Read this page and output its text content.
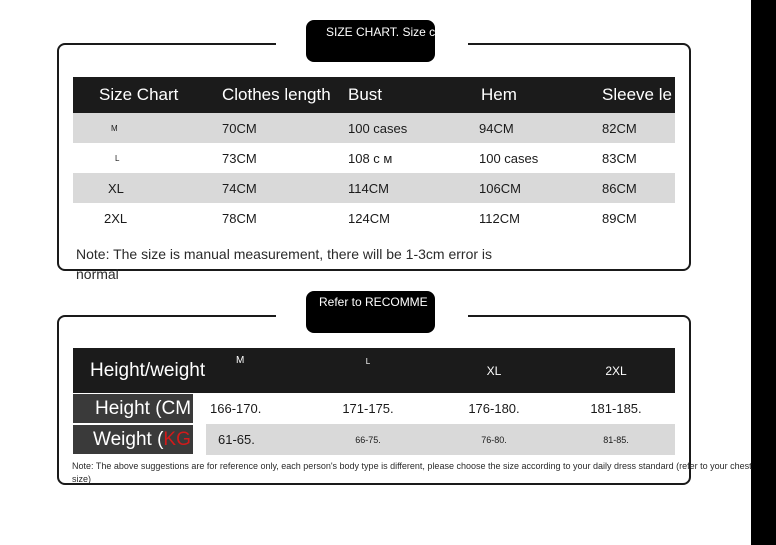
SIZE CHART. Size c
Size Chart	Clothes length	Bust	Hem	Sleeve le
M	70CM	100 cases	94CM	82CM
L	73CM	108 c м	100 cases	83CM
XL	74CM	114CM	106CM	86CM
2XL	78CM	124CM	112CM	89CM
Note: The size is manual measurement, there will be 1-3cm error is normal
Refer to RECOMME
Height/weight	M	L	XL	2XL
Height (CM	166-170.	171-175.	176-180.	181-185.
Weight (KG	61-65.	66-75.	76-80.	81-85.
Note: The above suggestions are for reference only, each person's body type is different, please choose the size according to your daily dress standard (refer to your chest size)
